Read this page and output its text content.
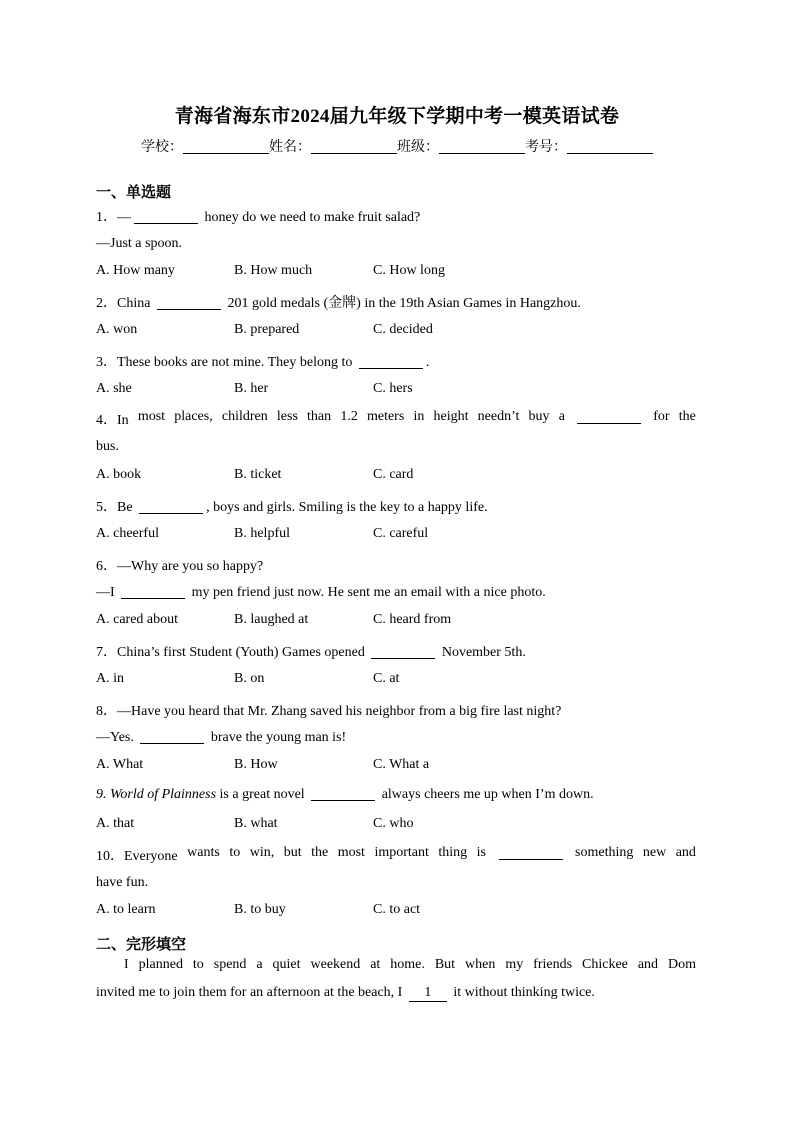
青海省海东市2024届九年级下学期中考一模英语试卷
学校：	姓名：	班级：	考号：
一、单选题
1．—	honey do we need to make fruit salad?
—Just a spoon.
A. How many	B. How much	C. How long
2．China	201 gold medals (金牌) in the 19th Asian Games in Hangzhou.
A. won	B. prepared	C. decided
3．These books are not mine. They belong to	.
A. she	B. her	C. hers
4．In most places, children less than 1.2 meters in height needn’t buy a	for the
bus.
A. book	B. ticket	C. card
5．Be	, boys and girls. Smiling is the key to a happy life.
A. cheerful	B. helpful	C. careful
6．—Why are you so happy?
—I	my pen friend just now. He sent me an email with a nice photo.
A. cared about	B. laughed at	C. heard from
7．China’s first Student (Youth) Games opened	November 5th.
A. in	B. on	C. at
8．—Have you heard that Mr. Zhang saved his neighbor from a big fire last night?
—Yes.	brave the young man is!
A. What	B. How	C. What a
9. World of Plainness is a great novel	always cheers me up when I’m down.
A. that	B. what	C. who
10．Everyone wants to win, but the most important thing is	something new and
have fun.
A. to learn	B. to buy	C. to act
二、完形填空
I planned to spend a quiet weekend at home. But when my friends Chickee and Dom
invited me to join them for an afternoon at the beach, I 1 it without thinking twice.
